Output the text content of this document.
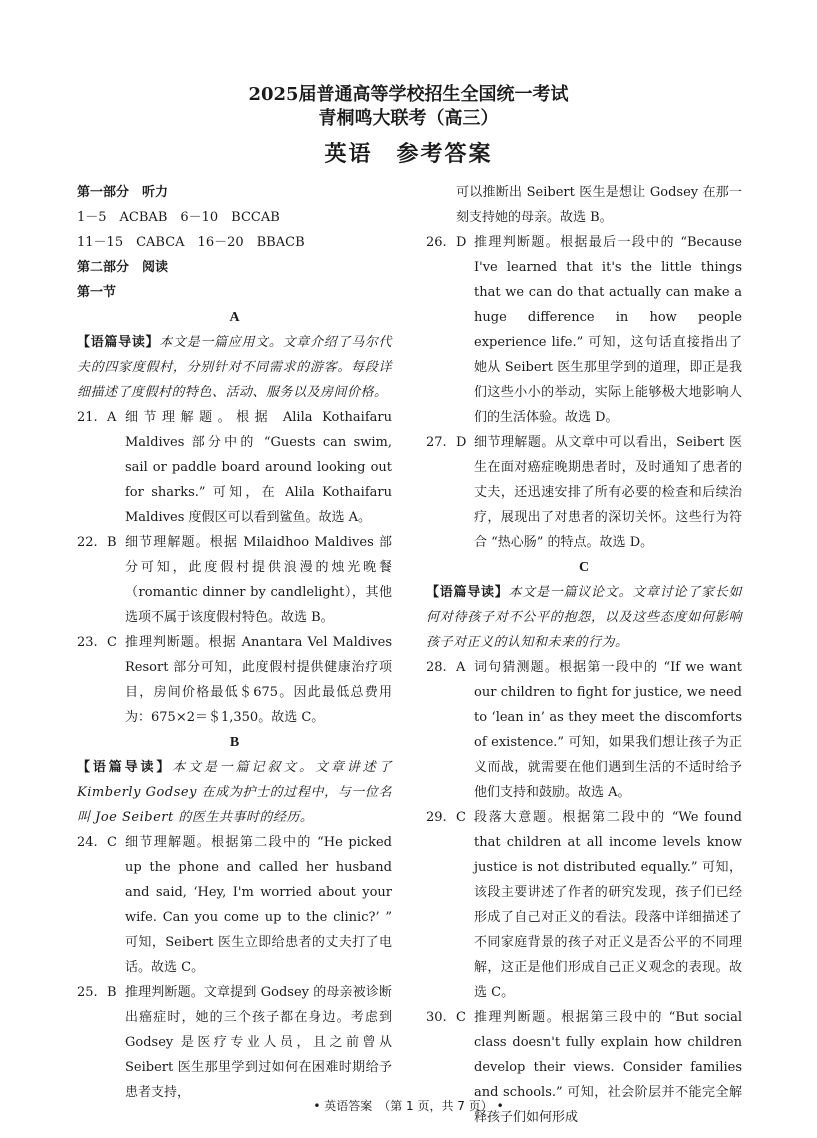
2025届普通高等学校招生全国统一考试
青桐鸣大联考（高三）
英语　参考答案

第一部分　听力

1－5　ACBAB　6－10　BCCAB

11－15　CABCA　16－20　BBACB

第二部分　阅读

第一节

A

【语篇导读】本文是一篇应用文。文章介绍了马尔代夫的四家度假村，分别针对不同需求的游客。每段详细描述了度假村的特色、活动、服务以及房间价格。

21. A 细节理解题。根据 Alila Kothaifaru Maldives 部分中的 “Guests can swim, sail or paddle board around looking out for sharks.” 可知，在 Alila Kothaifaru Maldives 度假区可以看到鲨鱼。故选 A。
22. B 细节理解题。根据 Milaidhoo Maldives 部分可知，此度假村提供浪漫的烛光晚餐（romantic dinner by candlelight），其他选项不属于该度假村特色。故选 B。
23. C 推理判断题。根据 Anantara Vel Maldives Resort 部分可知，此度假村提供健康治疗项目，房间价格最低＄675。因此最低总费用为：675×2＝＄1,350。故选 C。

B

【语篇导读】本文是一篇记叙文。文章讲述了 Kimberly Godsey 在成为护士的过程中，与一位名叫 Joe Seibert 的医生共事时的经历。

24. C 细节理解题。根据第二段中的 “He picked up the phone and called her husband and said, ‘Hey, I'm worried about your wife. Can you come up to the clinic?’ ” 可知，Seibert 医生立即给患者的丈夫打了电话。故选 C。
25. B 推理判断题。文章提到 Godsey 的母亲被诊断出癌症时，她的三个孩子都在身边。考虑到 Godsey 是医疗专业人员，且之前曾从 Seibert 医生那里学到过如何在困难时期给予患者支持，

可以推断出 Seibert 医生是想让 Godsey 在那一刻支持她的母亲。故选 B。

26. D 推理判断题。根据最后一段中的 “Because I've learned that it's the little things that we can do that actually can make a huge difference in how people experience life.” 可知，这句话直接指出了她从 Seibert 医生那里学到的道理，即正是我们这些小小的举动，实际上能够极大地影响人们的生活体验。故选 D。
27. D 细节理解题。从文章中可以看出，Seibert 医生在面对癌症晚期患者时，及时通知了患者的丈夫，还迅速安排了所有必要的检查和后续治疗，展现出了对患者的深切关怀。这些行为符合 “热心肠” 的特点。故选 D。

C

【语篇导读】本文是一篇议论文。文章讨论了家长如何对待孩子对不公平的抱怨，以及这些态度如何影响孩子对正义的认知和未来的行为。

28. A 词句猜测题。根据第一段中的 “If we want our children to fight for justice, we need to ‘lean in’ as they meet the discomforts of existence.” 可知，如果我们想让孩子为正义而战，就需要在他们遇到生活的不适时给予他们支持和鼓励。故选 A。
29. C 段落大意题。根据第二段中的 “We found that children at all income levels know justice is not distributed equally.” 可知，该段主要讲述了作者的研究发现，孩子们已经形成了自己对正义的看法。段落中详细描述了不同家庭背景的孩子对正义是否公平的不同理解，这正是他们形成自己正义观念的表现。故选 C。
30. C 推理判断题。根据第三段中的 “But social class doesn't fully explain how children develop their views. Consider families and schools.” 可知，社会阶层并不能完全解释孩子们如何形成
• 英语答案　（第 1 页，共 7 页） •
